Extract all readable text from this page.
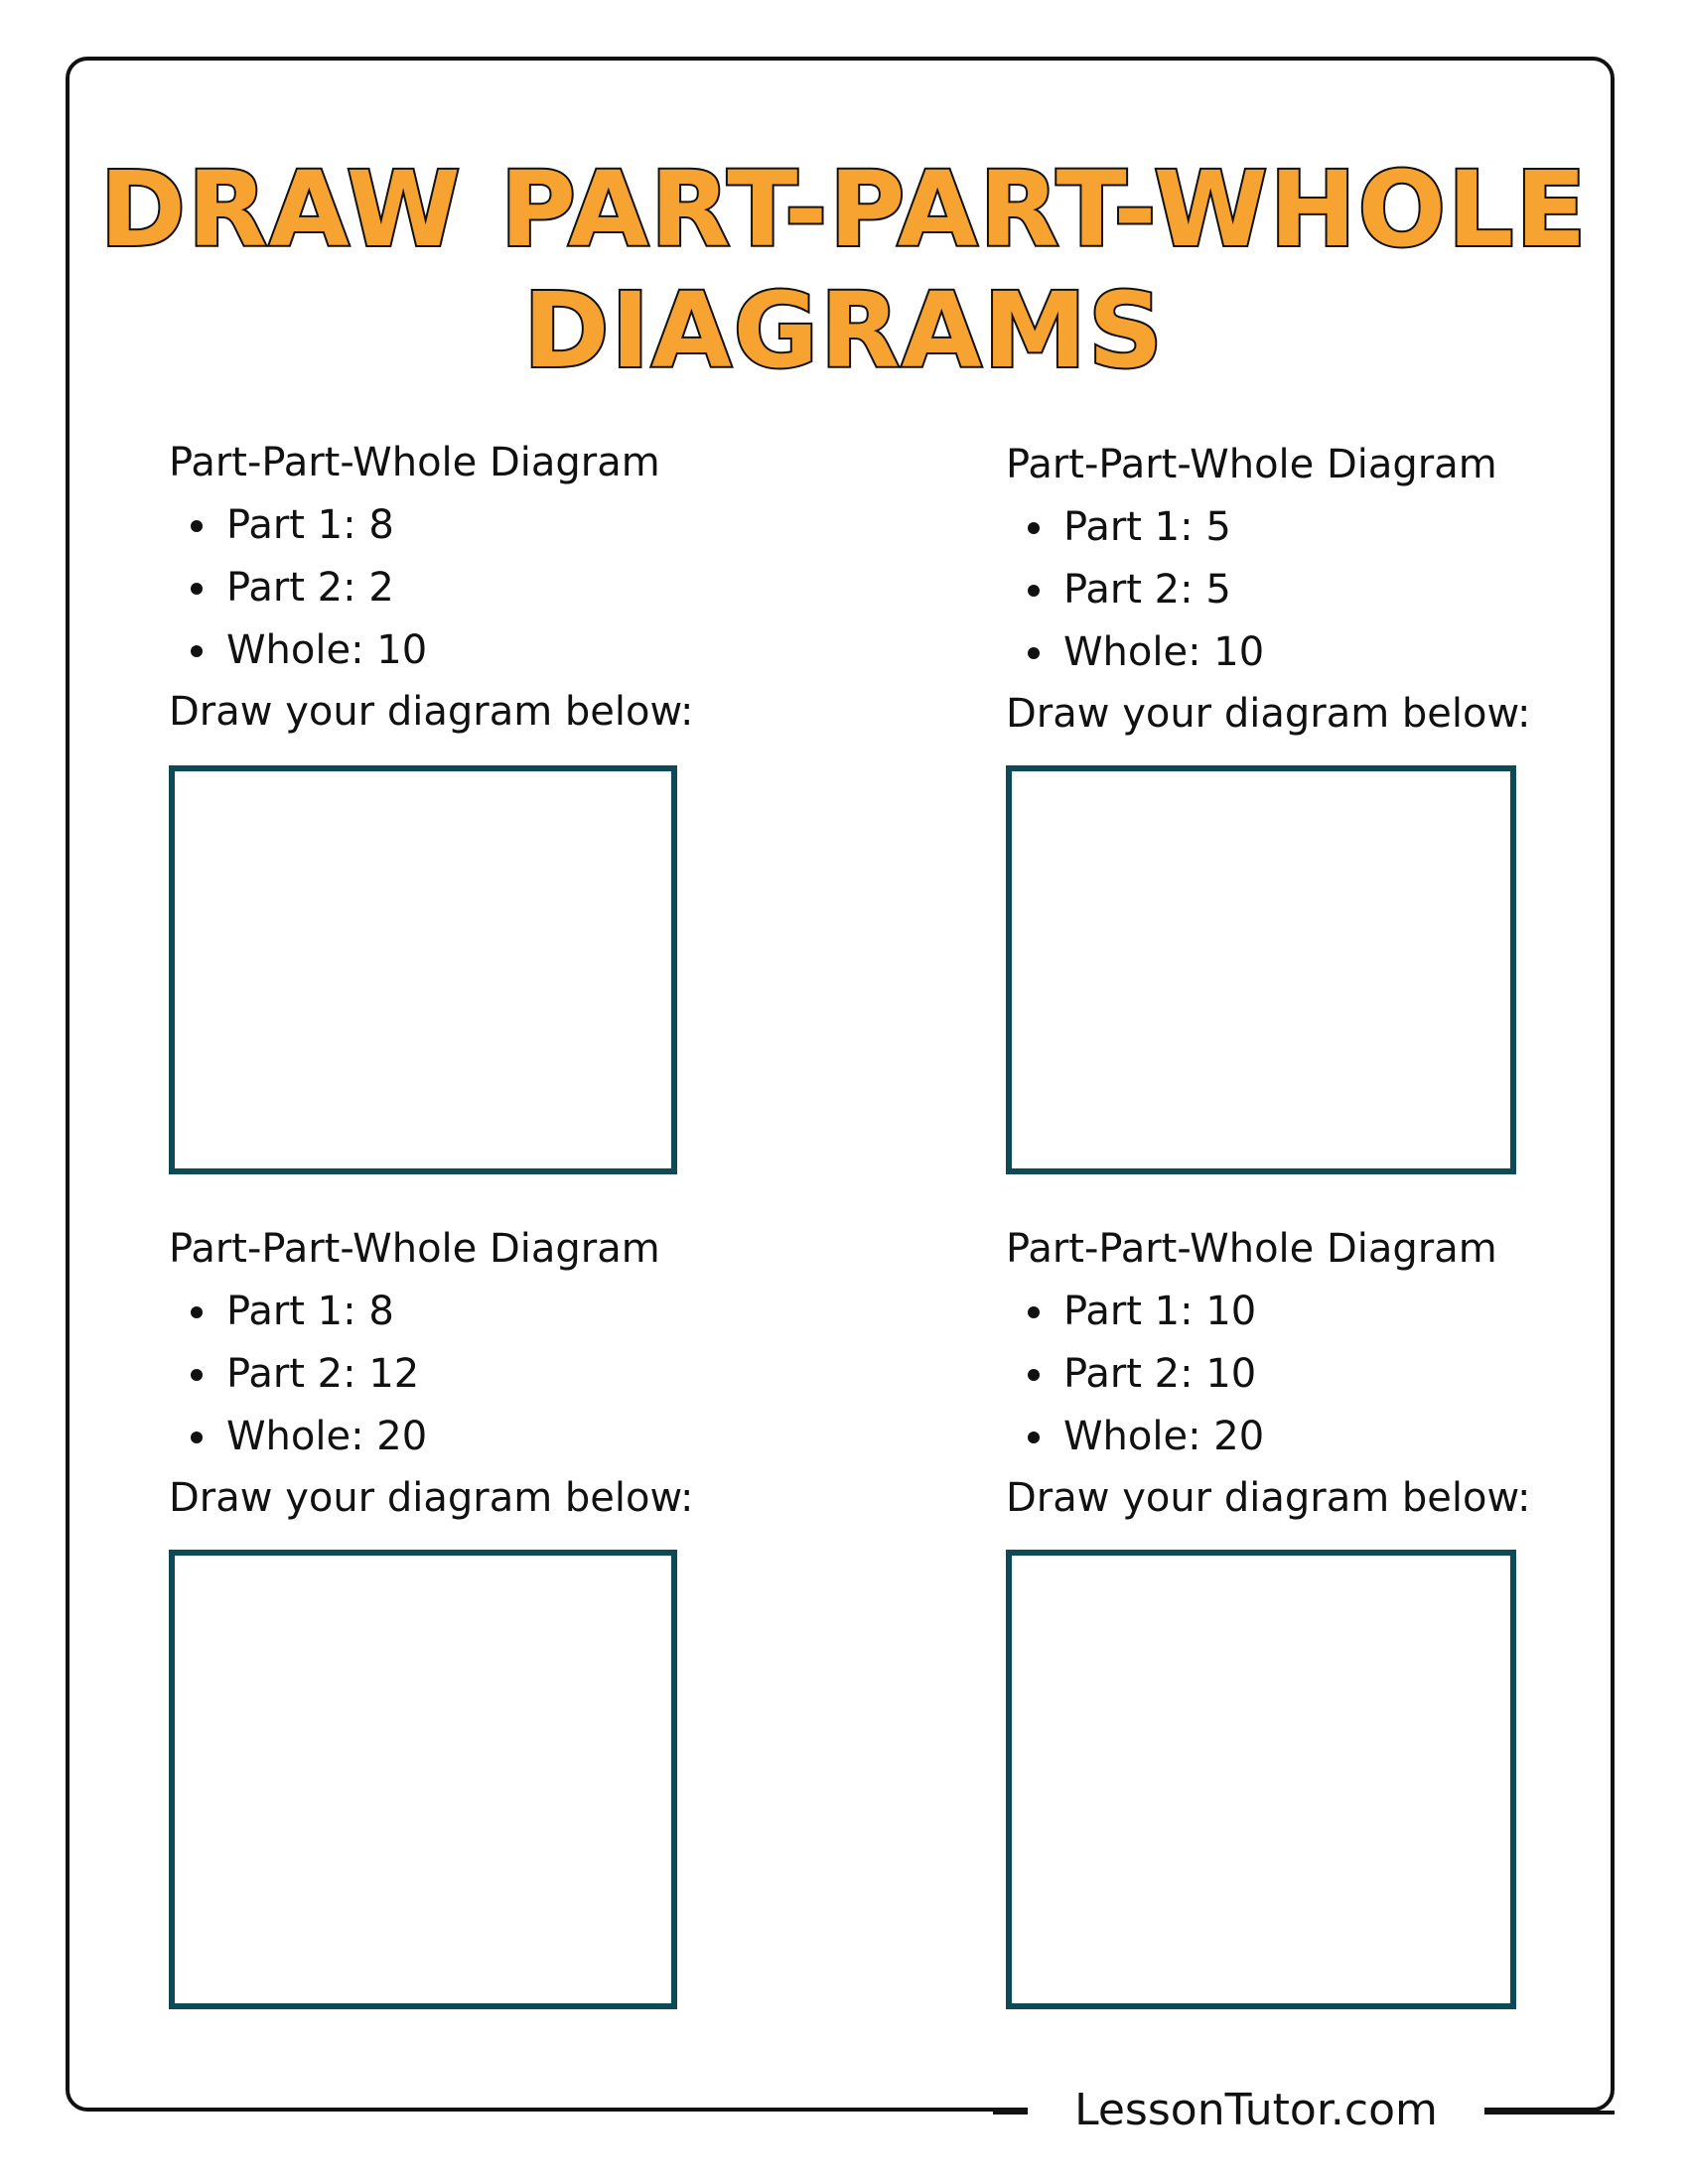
DRAW PART-PART-WHOLE
DIAGRAMS

Part-Part-Whole Diagram

Part 1: 8
Part 2: 2
Whole: 10

Draw your diagram below:

Part-Part-Whole Diagram

Part 1: 5
Part 2: 5
Whole: 10

Draw your diagram below:

Part-Part-Whole Diagram

Part 1: 8
Part 2: 12
Whole: 20

Draw your diagram below:

Part-Part-Whole Diagram

Part 1: 10
Part 2: 10
Whole: 20

Draw your diagram below:

LessonTutor.com
